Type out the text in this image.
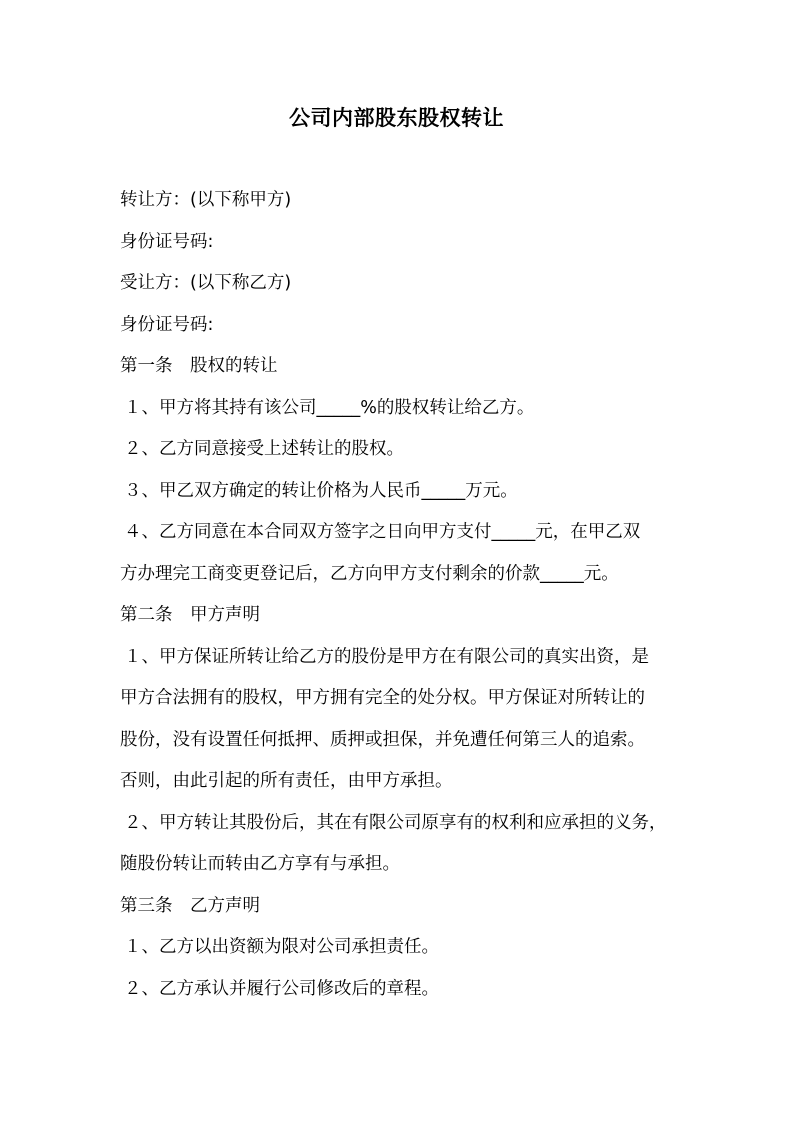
公司内部股东股权转让
转让方：(以下称甲方)
身份证号码:
受让方：(以下称乙方)
身份证号码:
第一条　股权的转让
１、甲方将其持有该公司_____%的股权转让给乙方。
２、乙方同意接受上述转让的股权。
３、甲乙双方确定的转让价格为人民币_____万元。
４、乙方同意在本合同双方签字之日向甲方支付_____元，在甲乙双
方办理完工商变更登记后，乙方向甲方支付剩余的价款_____元。
第二条　甲方声明
１、甲方保证所转让给乙方的股份是甲方在有限公司的真实出资，是
甲方合法拥有的股权，甲方拥有完全的处分权。甲方保证对所转让的
股份，没有设置任何抵押、质押或担保，并免遭任何第三人的追索。
否则，由此引起的所有责任，由甲方承担。
２、甲方转让其股份后，其在有限公司原享有的权利和应承担的义务，
随股份转让而转由乙方享有与承担。
第三条　乙方声明
１、乙方以出资额为限对公司承担责任。
２、乙方承认并履行公司修改后的章程。
